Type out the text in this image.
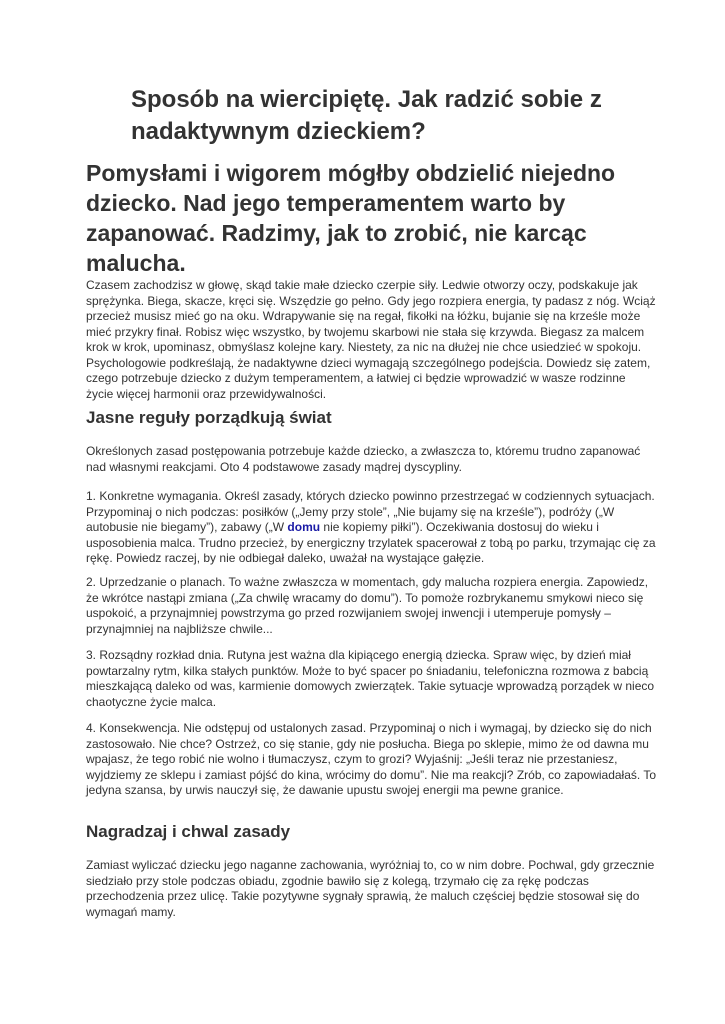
Sposób na wiercipiętę. Jak radzić sobie z nadaktywnym dzieckiem?
Pomysłami i wigorem mógłby obdzielić niejedno dziecko. Nad jego temperamentem warto by zapanować. Radzimy, jak to zrobić, nie karcąc malucha.

Czasem zachodzisz w głowę, skąd takie małe dziecko czerpie siły. Ledwie otworzy oczy, podskakuje jak sprężynka. Biega, skacze, kręci się. Wszędzie go pełno. Gdy jego rozpiera energia, ty padasz z nóg. Wciąż przecież musisz mieć go na oku. Wdrapywanie się na regał, fikołki na łóżku, bujanie się na krześle może mieć przykry finał. Robisz więc wszystko, by twojemu skarbowi nie stała się krzywda. Biegasz za malcem krok w krok, upominasz, obmyślasz kolejne kary. Niestety, za nic na dłużej nie chce usiedzieć w spokoju. Psychologowie podkreślają, że nadaktywne dzieci wymagają szczególnego podejścia. Dowiedz się zatem, czego potrzebuje dziecko z dużym temperamentem, a łatwiej ci będzie wprowadzić w wasze rodzinne życie więcej harmonii oraz przewidywalności.

Jasne reguły porządkują świat

Określonych zasad postępowania potrzebuje każde dziecko, a zwłaszcza to, któremu trudno zapanować nad własnymi reakcjami. Oto 4 podstawowe zasady mądrej dyscypliny.

1. Konkretne wymagania. Określ zasady, których dziecko powinno przestrzegać w codziennych sytuacjach. Przypominaj o nich podczas: posiłków („Jemy przy stole”, „Nie bujamy się na krześle”), podróży („W autobusie nie biegamy”), zabawy („W domu nie kopiemy piłki”). Oczekiwania dostosuj do wieku i usposobienia malca. Trudno przecież, by energiczny trzylatek spacerował z tobą po parku, trzymając cię za rękę. Powiedz raczej, by nie odbiegał daleko, uważał na wystające gałęzie.

2. Uprzedzanie o planach. To ważne zwłaszcza w momentach, gdy malucha rozpiera energia. Zapowiedz, że wkrótce nastąpi zmiana („Za chwilę wracamy do domu”). To pomoże rozbrykanemu smykowi nieco się uspokoić, a przynajmniej powstrzyma go przed rozwijaniem swojej inwencji i utemperuje pomysły – przynajmniej na najbliższe chwile...

3. Rozsądny rozkład dnia. Rutyna jest ważna dla kipiącego energią dziecka. Spraw więc, by dzień miał powtarzalny rytm, kilka stałych punktów. Może to być spacer po śniadaniu, telefoniczna rozmowa z babcią mieszkającą daleko od was, karmienie domowych zwierzątek. Takie sytuacje wprowadzą porządek w nieco chaotyczne życie malca.

4. Konsekwencja. Nie odstępuj od ustalonych zasad. Przypominaj o nich i wymagaj, by dziecko się do nich zastosowało. Nie chce? Ostrzeż, co się stanie, gdy nie posłucha. Biega po sklepie, mimo że od dawna mu wpajasz, że tego robić nie wolno i tłumaczysz, czym to grozi? Wyjaśnij: „Jeśli teraz nie przestaniesz, wyjdziemy ze sklepu i zamiast pójść do kina, wrócimy do domu”. Nie ma reakcji? Zrób, co zapowiadałaś. To jedyna szansa, by urwis nauczył się, że dawanie upustu swojej energii ma pewne granice.

Nagradzaj i chwal zasady

Zamiast wyliczać dziecku jego naganne zachowania, wyróżniaj to, co w nim dobre. Pochwal, gdy grzecznie siedziało przy stole podczas obiadu, zgodnie bawiło się z kolegą, trzymało cię za rękę podczas przechodzenia przez ulicę. Takie pozytywne sygnały sprawią, że maluch częściej będzie stosował się do wymagań mamy.
